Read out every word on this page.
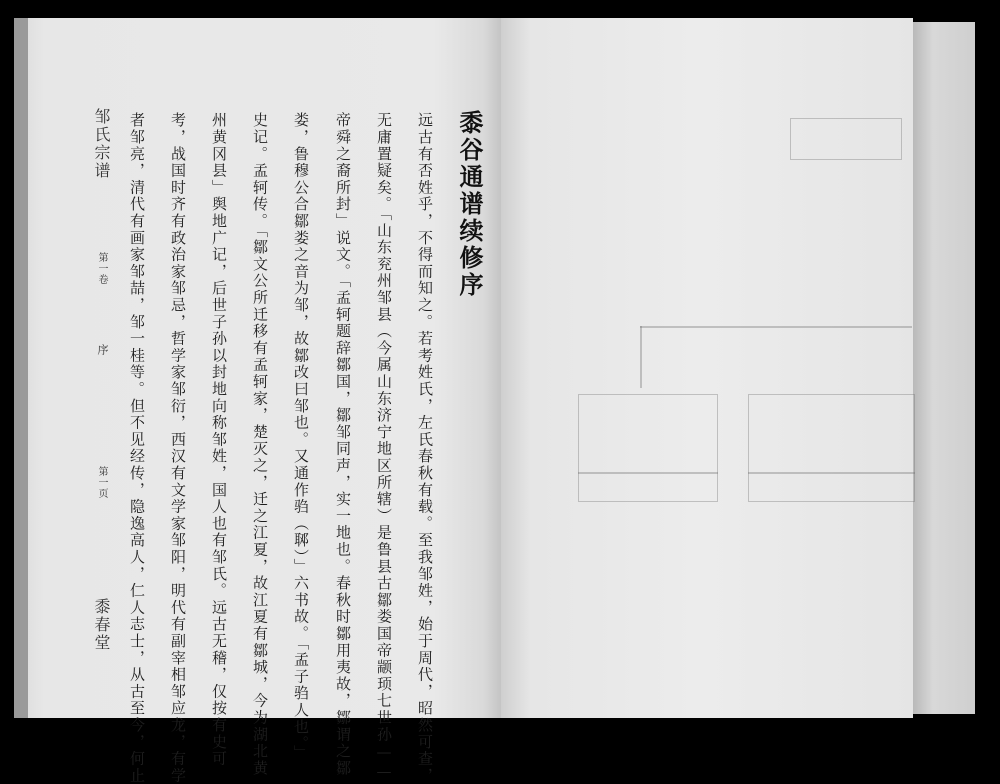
黍谷通谱续修序
远古有否姓乎，不得而知之。若考姓氏，左氏春秋有载。至我邹姓，始于周代，昭然可查，
无庸置疑矣。「山东兖州邹县（今属山东济宁地区所辖）是鲁县古鄒娄国帝颛顼七世孙——
帝舜之裔所封」说文。「孟轲题辞鄒国，鄒邹同声，实一地也。春秋时鄒用夷故，鄒谓之鄒
娄，鲁穆公合鄒娄之音为邹，故鄒改曰邹也。又通作驺（郰）」六书故。「孟子驺人也。」
史记。孟轲传。「鄒文公所迁移有孟轲家，楚灭之，迁之江夏，故江夏有鄒城，今为湖北黄
州黄冈县」舆地广记，后世子孙以封地向称邹姓，国人也有邹氏。远古无稽，仅按有史可
考，战国时齐有政治家邹忌，哲学家邹衍，西汉有文学家邹阳，明代有副宰相邹应龙，有学
者邹亮，清代有画家邹喆，邹一桂等。但不见经传，隐逸高人，仁人志士，从古至今，何止
邹氏宗谱
第一卷
序
第一页
黍春堂
